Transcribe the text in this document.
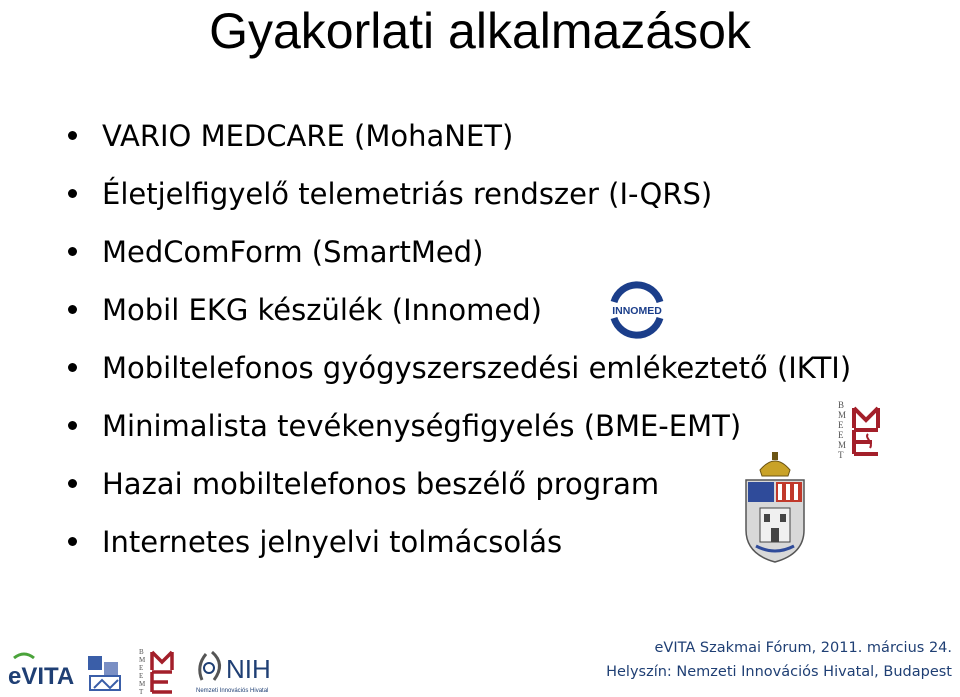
Gyakorlati alkalmazások
VARIO MEDCARE (MohaNET)
Életjelfigyelő telemetriás rendszer (I-QRS)
MedComForm (SmartMed)
Mobil EKG készülék (Innomed)
Mobiltelefonos gyógyszerszedési emlékeztető (IKTI)
Minimalista tevékenységfigyelés (BME-EMT)
Hazai mobiltelefonos beszélő program
Internetes jelnyelvi tolmácsolás
INNOMED
B
M
E
E
M
T
eVITA
B
M
E
E
M
T
NIH
Nemzeti Innovációs Hivatal
eVITA Szakmai Fórum, 2011. március 24.
Helyszín: Nemzeti Innovációs Hivatal, Budapest
